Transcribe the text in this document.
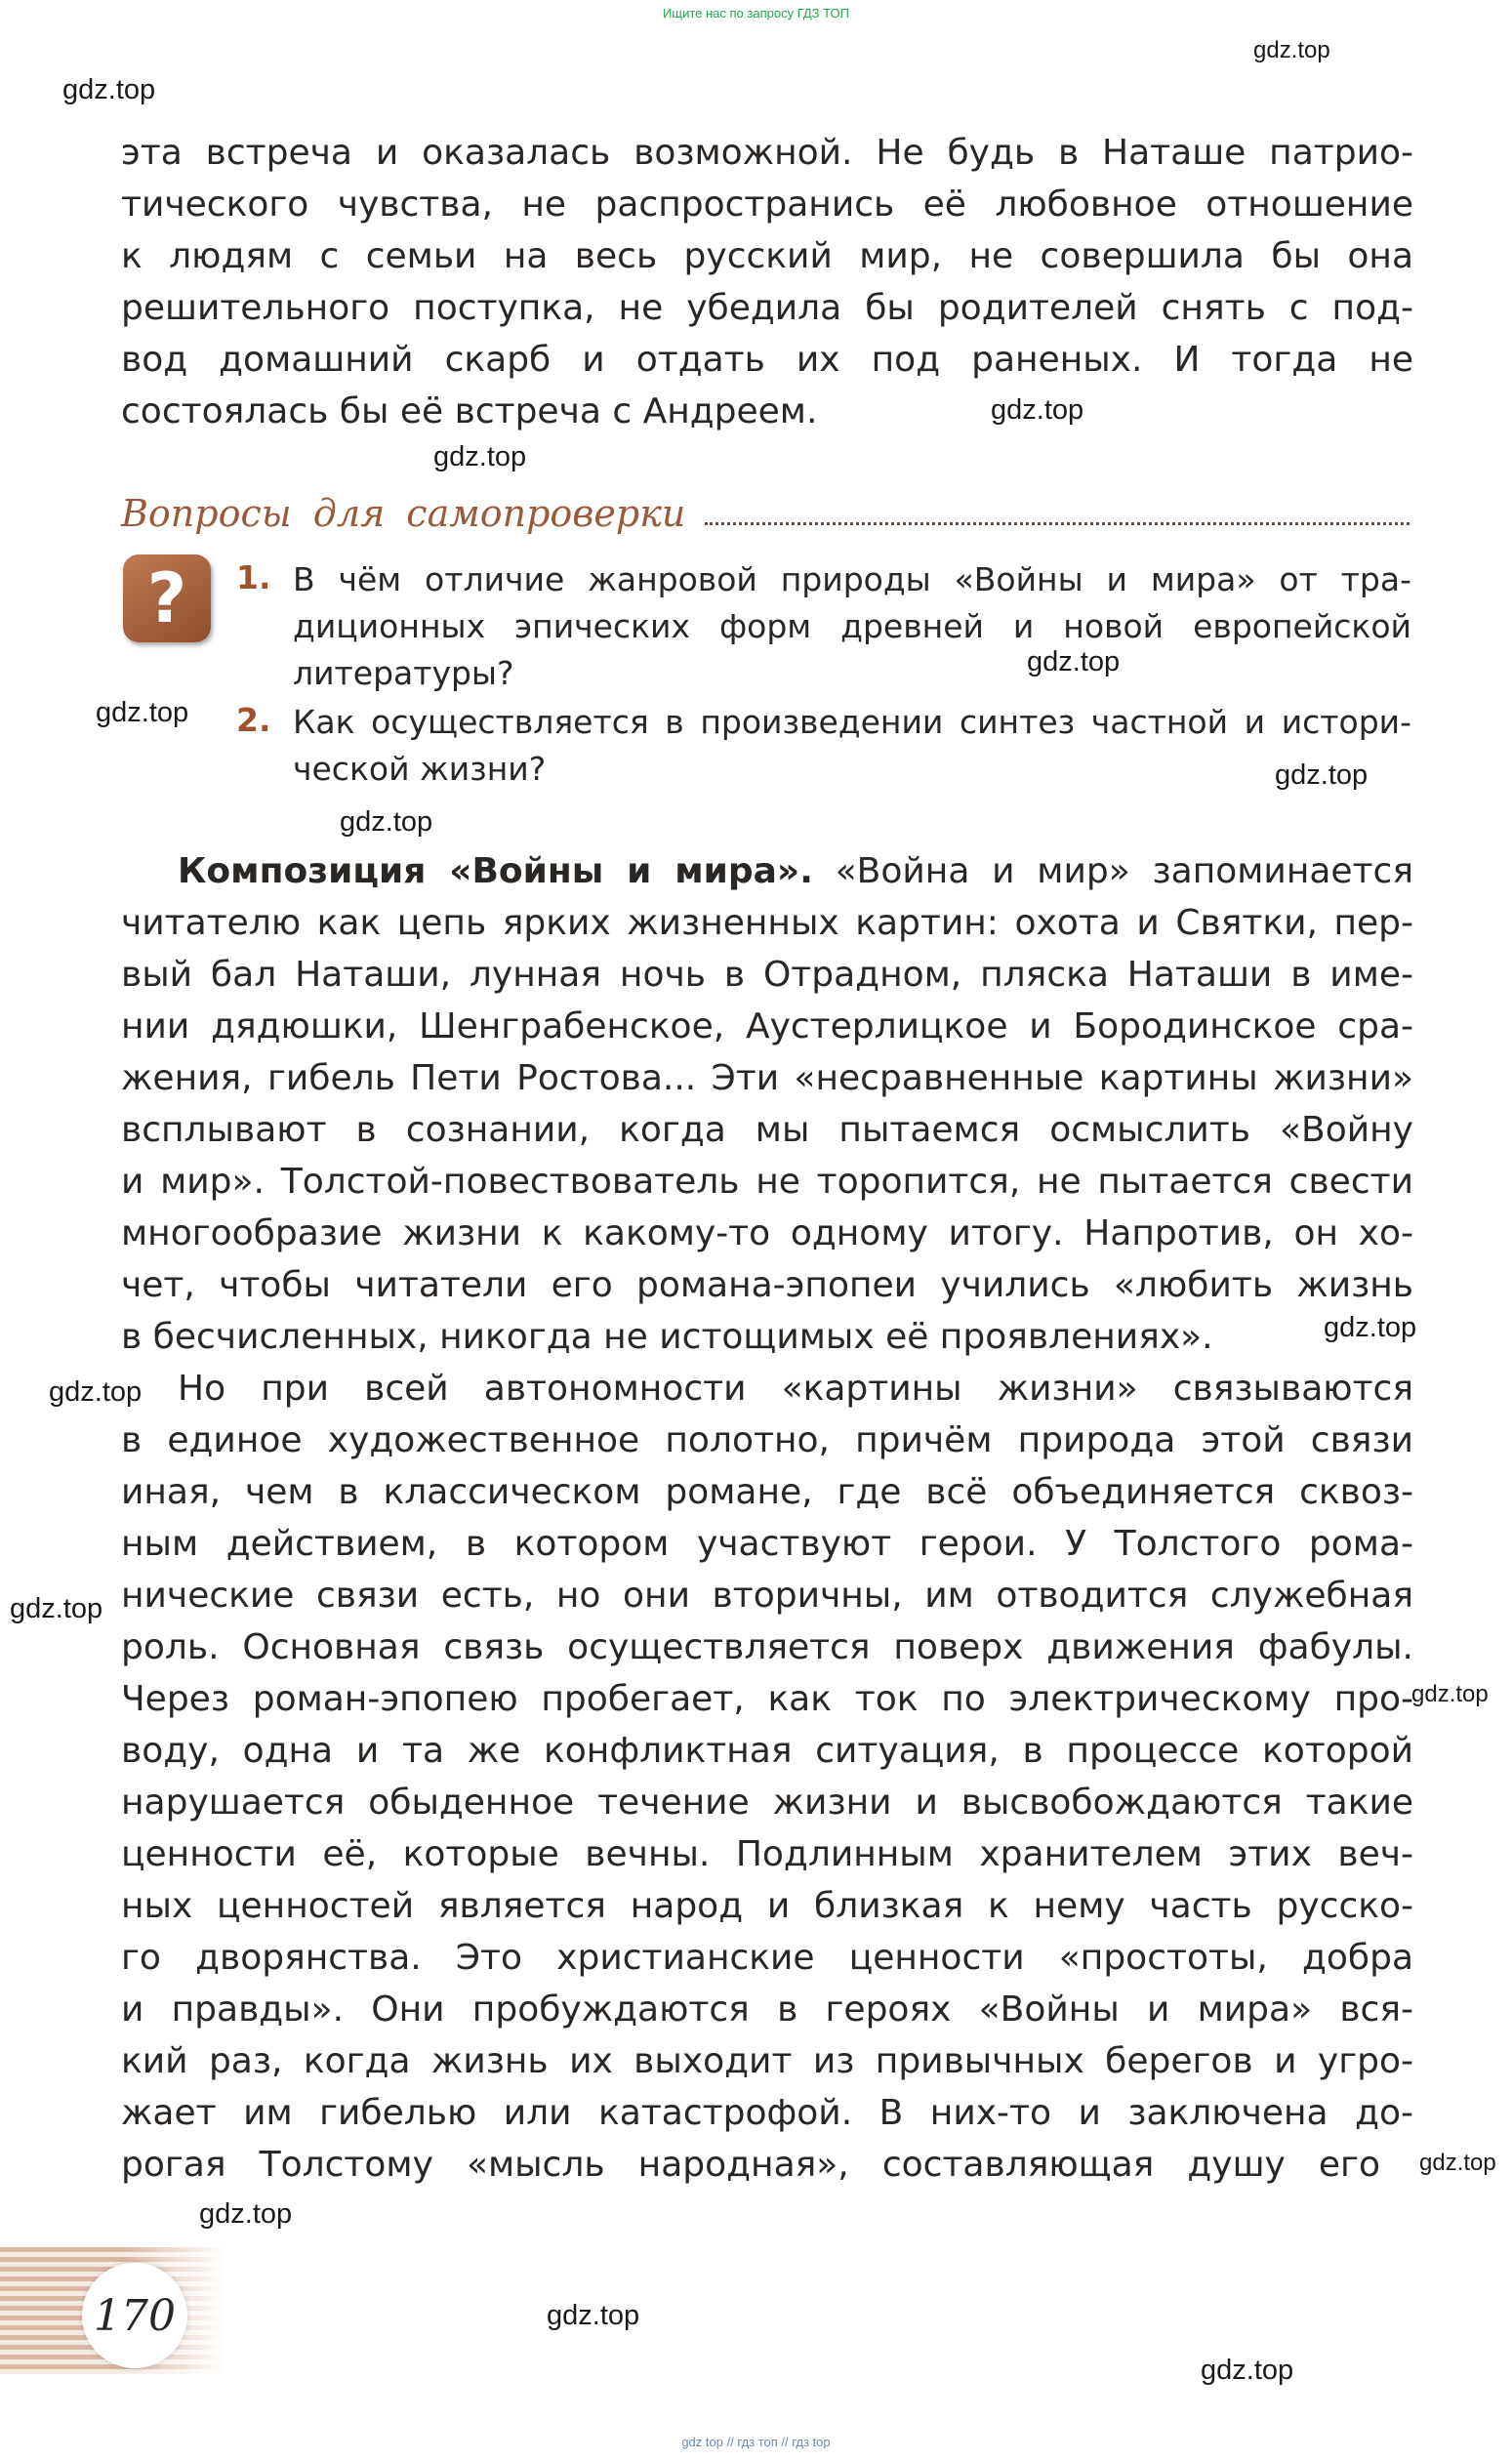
Ищите нас по запросу ГДЗ ТОП
gdz.top
gdz.top
gdz.top
gdz.top
gdz.top
gdz.top
gdz.top
gdz.top
gdz.top
gdz.top
gdz.top
gdz.top
gdz.top
gdz.top
gdz.top
gdz.top
эта встреча и оказалась возможной. Не будь в Наташе патрио-
тического чувства, не распространись её любовное отношение
к людям с семьи на весь русский мир, не совершила бы она
решительного поступка, не убедила бы родителей снять с под-
вод домашний скарб и отдать их под раненых. И тогда не
состоялась бы её встреча с Андреем.
Вопросы для самопроверки
? 1. В чём отличие жанровой природы «Войны и мира» от тра-
диционных эпических форм древней и новой европейской
литературы?
2. Как осуществляется в произведении синтез частной и истори-
ческой жизни?
Композиция «Войны и мира». «Война и мир» запоминается
читателю как цепь ярких жизненных картин: охота и Святки, пер-
вый бал Наташи, лунная ночь в Отрадном, пляска Наташи в име-
нии дядюшки, Шенграбенское, Аустерлицкое и Бородинское сра-
жения, гибель Пети Ростова... Эти «несравненные картины жизни»
всплывают в сознании, когда мы пытаемся осмыслить «Войну
и мир». Толстой-повествователь не торопится, не пытается свести
многообразие жизни к какому-то одному итогу. Напротив, он хо-
чет, чтобы читатели его романа-эпопеи учились «любить жизнь
в бесчисленных, никогда не истощимых её проявлениях».
Но при всей автономности «картины жизни» связываются
в единое художественное полотно, причём природа этой связи
иная, чем в классическом романе, где всё объединяется сквоз-
ным действием, в котором участвуют герои. У Толстого рома-
нические связи есть, но они вторичны, им отводится служебная
роль. Основная связь осуществляется поверх движения фабулы.
Через роман-эпопею пробегает, как ток по электрическому про-
воду, одна и та же конфликтная ситуация, в процессе которой
нарушается обыденное течение жизни и высвобождаются такие
ценности её, которые вечны. Подлинным хранителем этих веч-
ных ценностей является народ и близкая к нему часть русско-
го дворянства. Это христианские ценности «простоты, добра
и правды». Они пробуждаются в героях «Войны и мира» вся-
кий раз, когда жизнь их выходит из привычных берегов и угро-
жает им гибелью или катастрофой. В них-то и заключена до-
рогая Толстому «мысль народная», составляющая душу его
170
gdz top // гдз топ // гдз top
